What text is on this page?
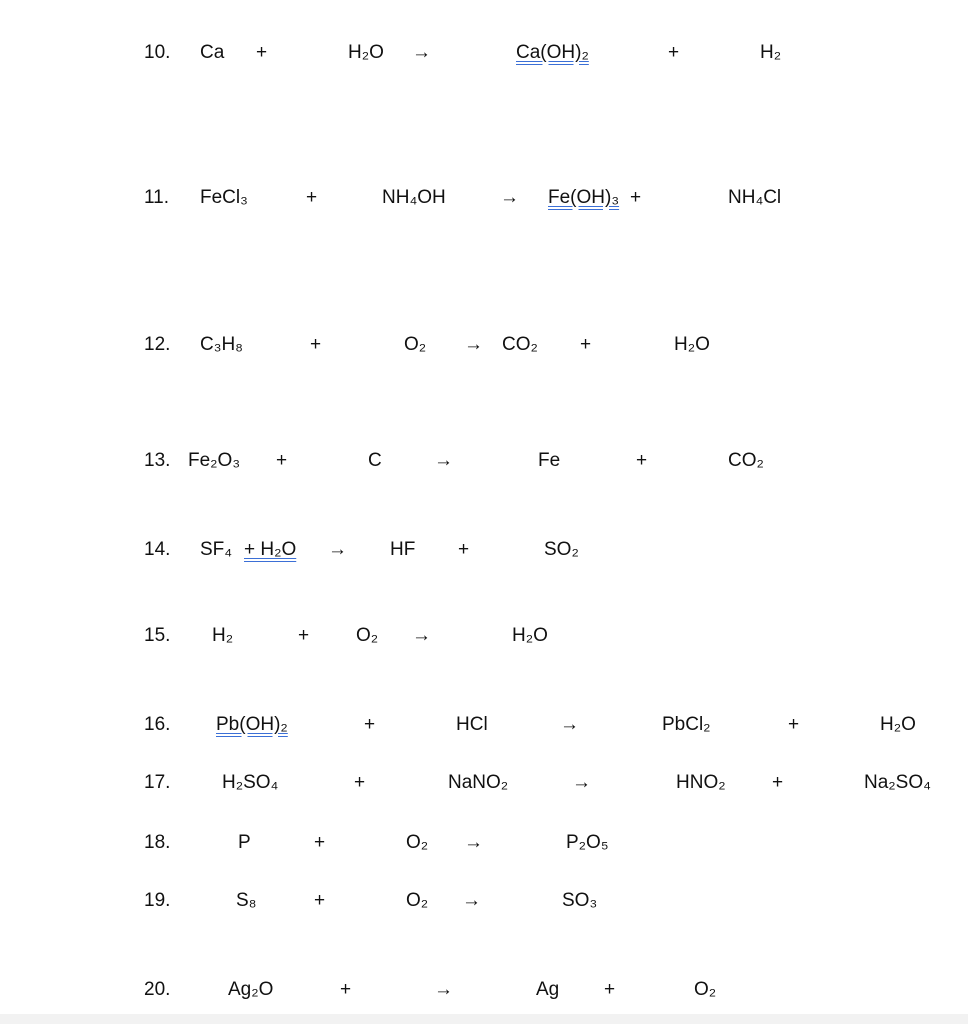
10. Ca +	H₂O →	Ca(OH)₂	+	H₂
11. FeCl₃	+	NH₄OH	→ Fe(OH)₃ +	NH₄Cl
12. C₃H₈	+	O₂ → CO₂ +	H₂O
13. Fe₂O₃ +	C	→	Fe	+	CO₂
14. SF₄ + H₂O → HF +	SO₂
15. H₂	+ O₂ →	H₂O
16. Pb(OH)₂	+	HCl	→	PbCl₂	+	H₂O
17.	H₂SO₄	+	NaNO₂	→	HNO₂ +	Na₂SO₄
18.	P	+	O₂ →	P₂O₅
19.	S₈	+	O₂ →	SO₃
20.	Ag₂O	+	→	Ag +	O₂
